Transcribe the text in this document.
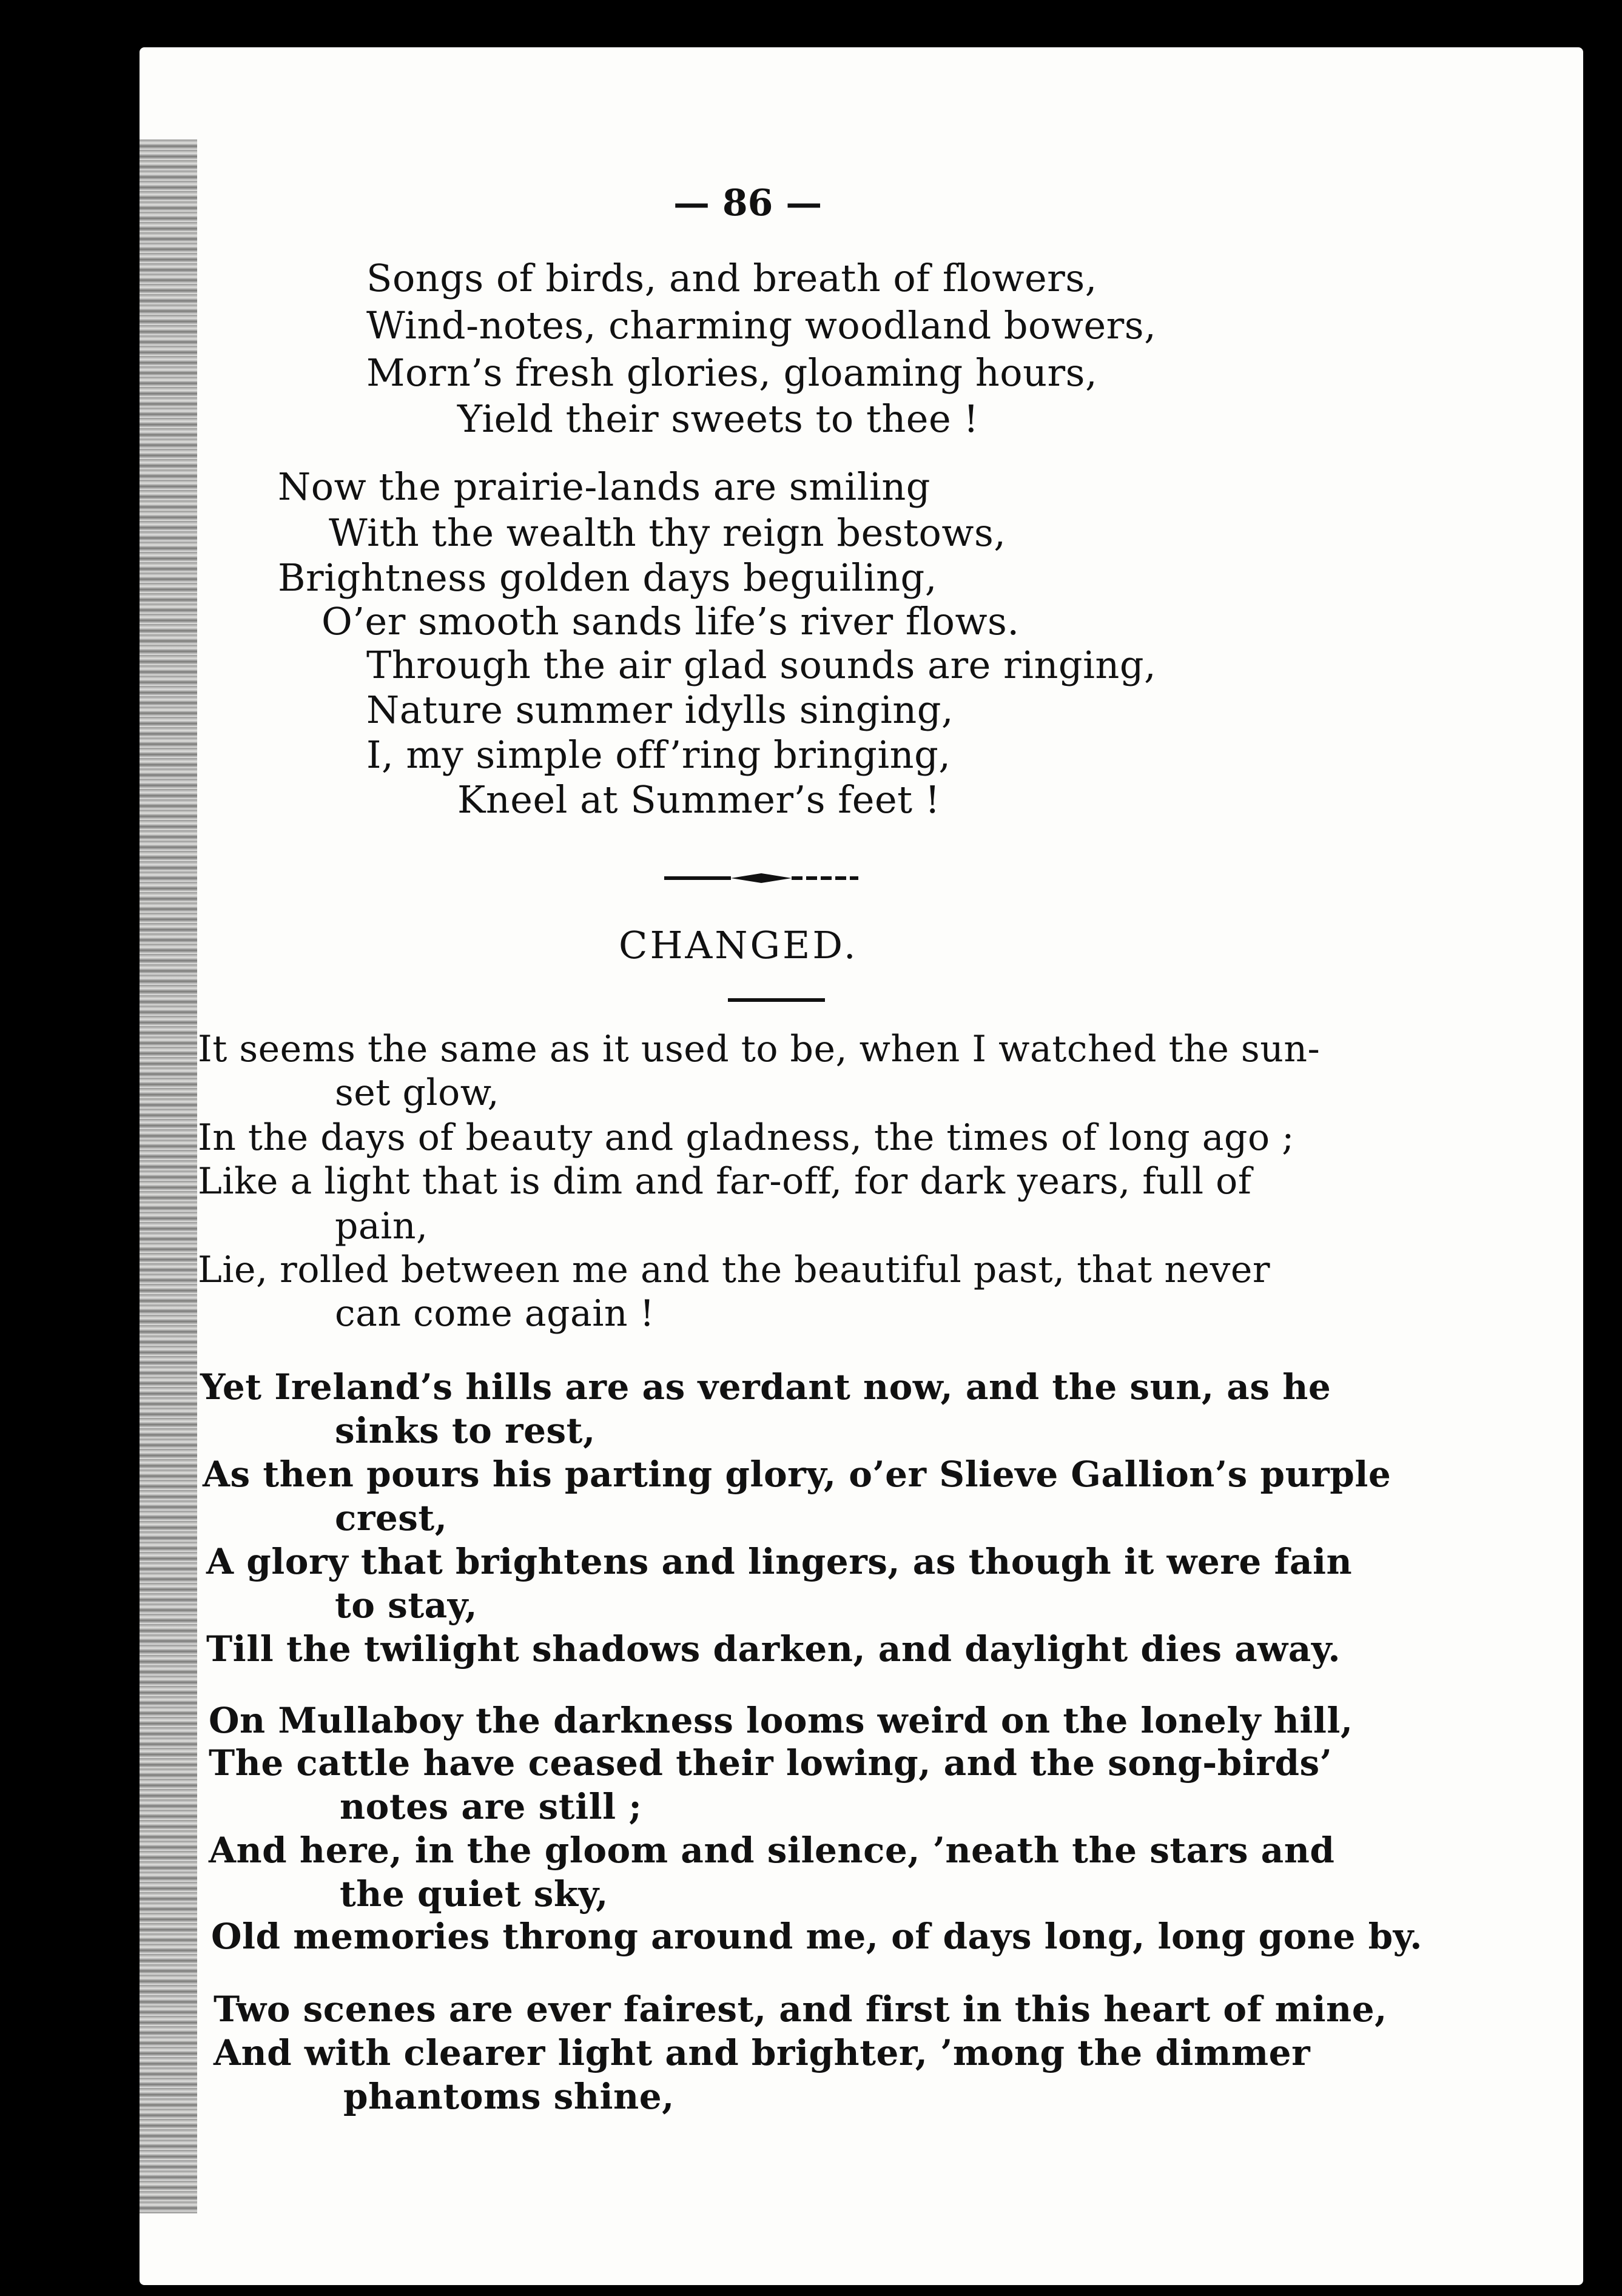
— 86 —
Songs of birds, and breath of flowers,
Wind-notes, charming woodland bowers,
Morn’s fresh glories, gloaming hours,
Yield their sweets to thee !
Now the prairie-lands are smiling
With the wealth thy reign bestows,
Brightness golden days beguiling,
O’er smooth sands life’s river flows.
Through the air glad sounds are ringing,
Nature summer idylls singing,
I, my simple off’ring bringing,
Kneel at Summer’s feet !
CHANGED.
It seems the same as it used to be, when I watched the sun-
set glow,
In the days of beauty and gladness, the times of long ago ;
Like a light that is dim and far-off, for dark years, full of
pain,
Lie, rolled between me and the beautiful past, that never
can come again !
Yet Ireland’s hills are as verdant now, and the sun, as he
sinks to rest,
As then pours his parting glory, o’er Slieve Gallion’s purple
crest,
A glory that brightens and lingers, as though it were fain
to stay,
Till the twilight shadows darken, and daylight dies away.
On Mullaboy the darkness looms weird on the lonely hill,
The cattle have ceased their lowing, and the song-birds’
notes are still ;
And here, in the gloom and silence, ’neath the stars and
the quiet sky,
Old memories throng around me, of days long, long gone by.
Two scenes are ever fairest, and first in this heart of mine,
And with clearer light and brighter, ’mong the dimmer
phantoms shine,
